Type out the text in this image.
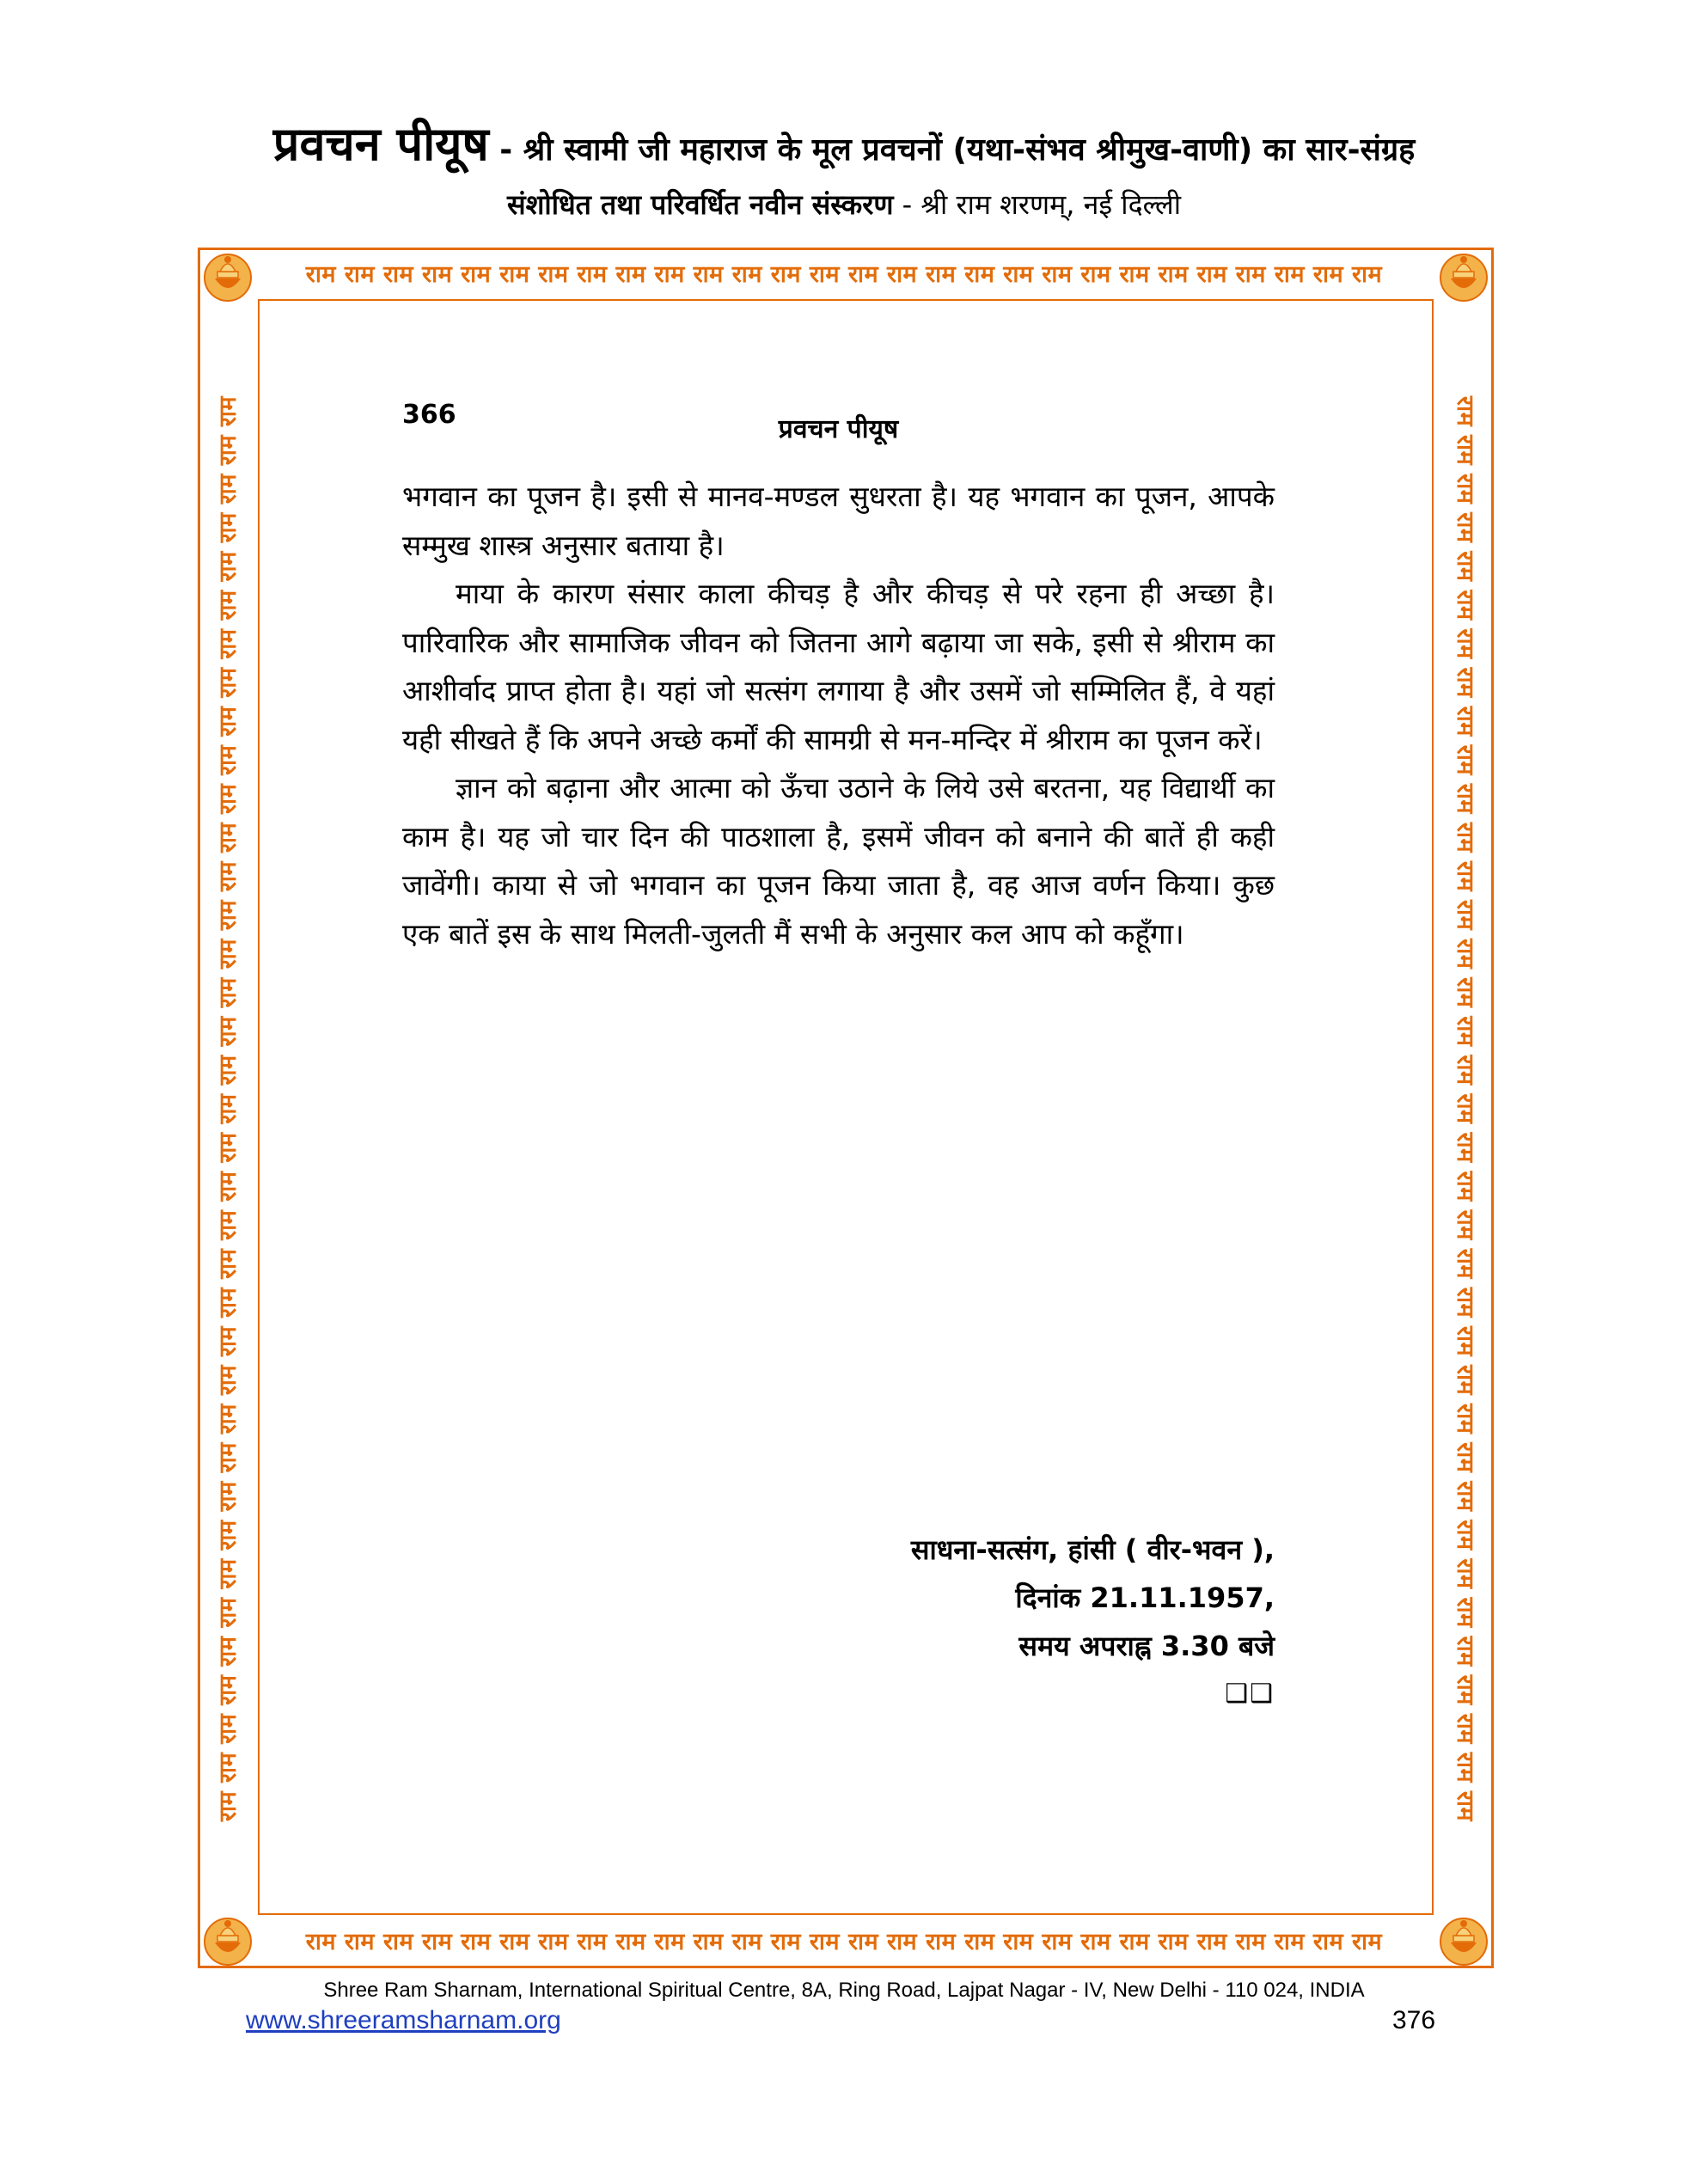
प्रवचन पीयूष - श्री स्वामी जी महाराज के मूल प्रवचनों (यथा-संभव श्रीमुख-वाणी) का सार-संग्रह
संशोधित तथा परिवर्धित नवीन संस्करण - श्री राम शरणम्, नई दिल्ली
राम राम राम राम राम राम राम राम राम राम राम राम राम राम राम राम राम राम राम राम राम राम राम राम राम राम राम राम
राम राम राम राम राम राम राम राम राम राम राम राम राम राम राम राम राम राम राम राम राम राम राम राम राम राम राम राम
राम राम राम राम राम राम राम राम राम राम राम राम राम राम राम राम राम राम राम राम राम राम राम राम राम राम राम राम राम राम राम राम राम राम राम राम राम	राम राम राम राम राम राम राम राम राम राम राम राम राम राम राम राम राम राम राम राम राम राम राम राम राम राम राम राम राम राम राम राम राम राम राम राम राम
366	प्रवचन पीयूष

भगवान का पूजन है। इसी से मानव-मण्डल सुधरता है। यह भगवान का पूजन, आपके सम्मुख शास्त्र अनुसार बताया है।

माया के कारण संसार काला कीचड़ है और कीचड़ से परे रहना ही अच्छा है। पारिवारिक और सामाजिक जीवन को जितना आगे बढ़ाया जा सके, इसी से श्रीराम का आशीर्वाद प्राप्त होता है। यहां जो सत्संग लगाया है और उसमें जो सम्मिलित हैं, वे यहां यही सीखते हैं कि अपने अच्छे कर्मों की सामग्री से मन-मन्दिर में श्रीराम का पूजन करें।

ज्ञान को बढ़ाना और आत्मा को ऊँचा उठाने के लिये उसे बरतना, यह विद्यार्थी का काम है। यह जो चार दिन की पाठशाला है, इसमें जीवन को बनाने की बातें ही कही जावेंगी। काया से जो भगवान का पूजन किया जाता है, वह आज वर्णन किया। कुछ एक बातें इस के साथ मिलती-जुलती मैं सभी के अनुसार कल आप को कहूँगा।

साधना-सत्संग, हांसी ( वीर-भवन ),
दिनांक 21.11.1957,
समय अपराह्न 3.30 बजे
❑❑
Shree Ram Sharnam, International Spiritual Centre, 8A, Ring Road, Lajpat Nagar - IV, New Delhi - 110 024, INDIA
www.shreeramsharnam.org	376
